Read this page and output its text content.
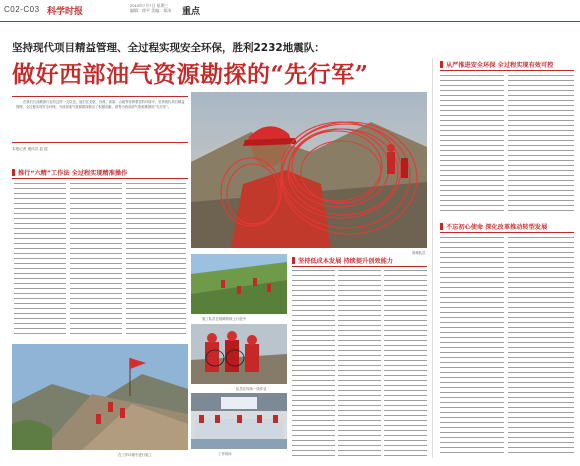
C02-C03 科学时报
2014年7月7日 星期三
编辑：徐平 美编：郑涛 重点
坚持现代项目精益管理、全过程实现安全环保，胜利2232地震队：
做好西部油气资源勘探的“先行军”

在我们石油勘探行业有这样一支队伍，他们在戈壁、沙漠、高原、山地等各种艰苦的环境中，坚持现代项目精益管理，全过程实现安全环保，为西部油气资源勘探做出了积极贡献，被誉为西部油气资源勘探的“先行军”。

本报记者 通讯员 赵 铭
管理队员
推行“六精”工作法 全过程实现精准操作
在工作环境中进行施工
施工队员在陡峭的坡上行进中
队员在现场一线作业
工作现场
坚持低成本发展 持续提升创效能力
从严推进安全环保 全过程实现有效可控
不忘初心使命 深化改革推动转型发展
